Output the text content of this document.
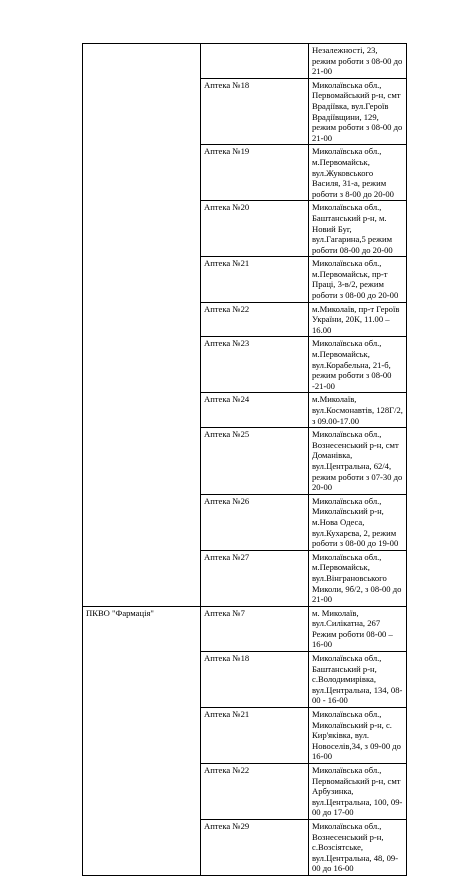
		Незалежності, 23, режим роботи з 08-00 до 21-00

	Аптека №18	Миколаївська обл., Первомайський р-н, смт Врадіївка, вул.Героїв Врадіївщини, 129, режим роботи з 08-00 до 21-00

	Аптека №19	Миколаївська обл., м.Первомайськ, вул.Жуковського Василя, 31-а, режим роботи з 8-00 до 20-00

	Аптека №20	Миколаївська обл., Баштанський р-н, м. Новий Буг, вул.Гагарина,5 режим роботи 08-00 до 20-00

	Аптека №21	Миколаївська обл., м.Первомайськ, пр-т Праці, 3-в/2, режим роботи з 08-00 до 20-00

	Аптека №22	м.Миколаїв, пр-т Героїв України, 20К, 11.00 – 16.00

	Аптека №23	Миколаївська обл., м.Первомайськ, вул.Корабельна, 21-б, режим роботи з 08-00 -21-00

	Аптека №24	м.Миколаїв, вул.Космонавтів, 128Г/2, з 09.00-17.00

	Аптека №25	Миколаївська обл., Вознесенський р-н, смт Доманівка, вул.Центральна, 62/4, режим роботи з 07-30 до 20-00

	Аптека №26	Миколаївська обл., Миколаївський р-н, м.Нова Одеса, вул.Кухарєва, 2, режим роботи з 08-00 до 19-00

	Аптека №27	Миколаївська обл., м.Первомайськ, вул.Вінграновського Миколи, 9б/2, з 08-00 до 21-00

ПКВО "Фармація"	Аптека №7	м. Миколаїв, вул.Силікатна, 267 Режим роботи 08-00 – 16-00

	Аптека №18	Миколаївська обл., Баштанський р-н, с.Володимирівка, вул.Центральна, 134, 08-00 - 16-00

	Аптека №21	Миколаївська обл., Миколаївський р-н, с. Кир'яківка, вул. Новоселів,34, з 09-00 до 16-00

	Аптека №22	Миколаївська обл., Первомайський р-н, смт Арбузинка, вул.Центральна, 100, 09-00 до 17-00

	Аптека №29	Миколаївська обл., Вознесенський р-н, с.Возсіятське, вул.Центральна, 48, 09-00 до 16-00
